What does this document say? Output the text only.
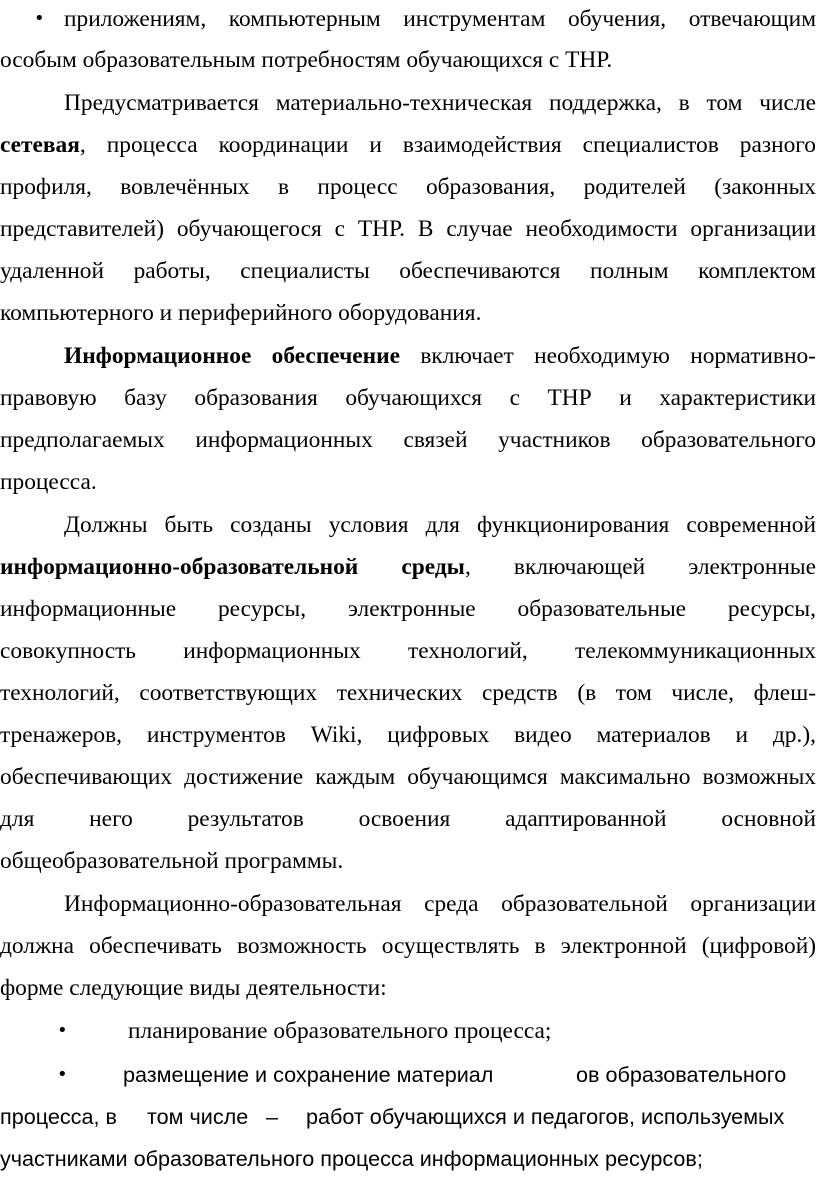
• приложениям, компьютерным инструментам обучения, отвечающим
особым образовательным потребностям обучающихся с ТНР.
Предусматривается материально-техническая поддержка, в том числе
сетевая, процесса координации и взаимодействия специалистов разного
профиля, вовлечённых в процесс образования, родителей (законных
представителей) обучающегося с ТНР. В случае необходимости организации
удаленной работы, специалисты обеспечиваются полным комплектом
компьютерного и периферийного оборудования.
Информационное обеспечение включает необходимую нормативно-
правовую базу образования обучающихся с ТНР и характеристики
предполагаемых информационных связей участников образовательного
процесса.
Должны быть созданы условия для функционирования современной
информационно-образовательной среды, включающей электронные
информационные ресурсы, электронные образовательные ресурсы,
совокупность информационных технологий, телекоммуникационных
технологий, соответствующих технических средств (в том числе, флеш-
тренажеров, инструментов Wiki, цифровых видео материалов и др.),
обеспечивающих достижение каждым обучающимся максимально возможных
для него результатов освоения адаптированной основной
общеобразовательной программы.
Информационно-образовательная среда образовательной организации
должна обеспечивать возможность осуществлять в электронной (цифровой)
форме следующие виды деятельности:
•	планирование образовательного процесса;
•	размещение и сохранение материал	ов образовательного
процесса, в том числе – работ обучающихся и педагогов, используемых
участниками образовательного процесса информационных ресурсов;
